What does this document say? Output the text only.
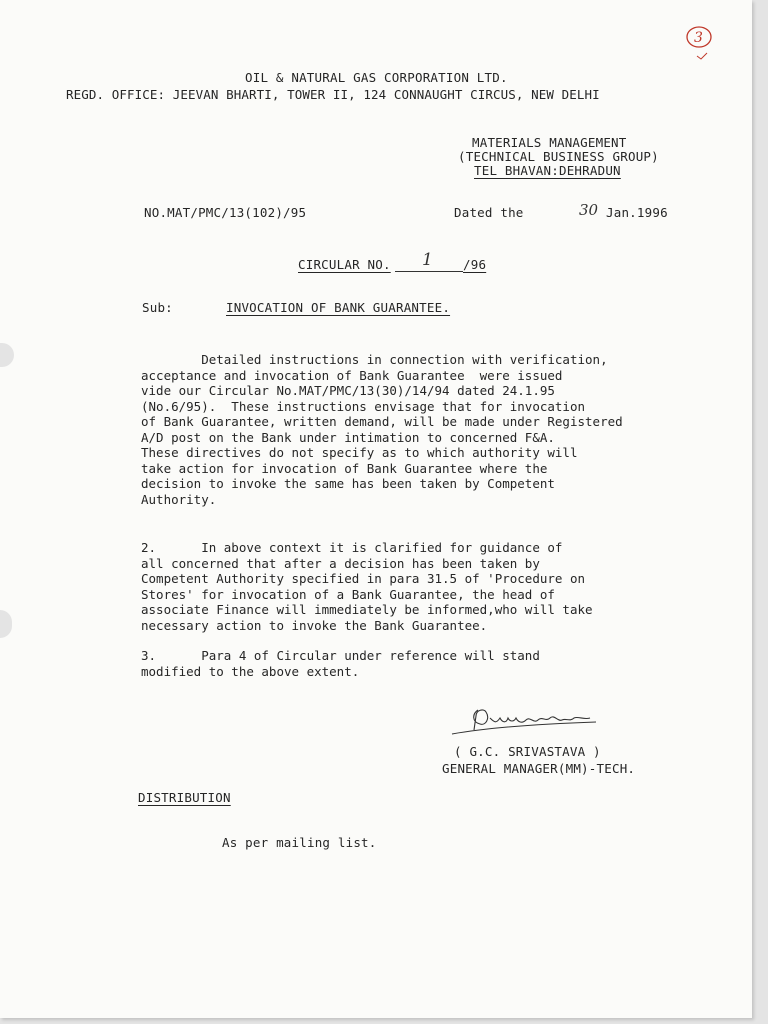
3
OIL & NATURAL GAS CORPORATION LTD.
REGD. OFFICE: JEEVAN BHARTI, TOWER II, 124 CONNAUGHT CIRCUS, NEW DELHI
MATERIALS MANAGEMENT
(TECHNICAL BUSINESS GROUP)
TEL BHAVAN:DEHRADUN
NO.MAT/PMC/13(102)/95	Dated the	30 Jan.1996
CIRCULAR NO. 1 /96
Sub:	INVOCATION OF BANK GUARANTEE.
Detailed instructions in connection with verification,
acceptance and invocation of Bank Guarantee  were issued
vide our Circular No.MAT/PMC/13(30)/14/94 dated 24.1.95
(No.6/95).  These instructions envisage that for invocation
of Bank Guarantee, written demand, will be made under Registered
A/D post on the Bank under intimation to concerned F&A.
These directives do not specify as to which authority will
take action for invocation of Bank Guarantee where the
decision to invoke the same has been taken by Competent
Authority.
2.      In above context it is clarified for guidance of
all concerned that after a decision has been taken by
Competent Authority specified in para 31.5 of 'Procedure on
Stores' for invocation of a Bank Guarantee, the head of
associate Finance will immediately be informed,who will take
necessary action to invoke the Bank Guarantee.
3.      Para 4 of Circular under reference will stand
modified to the above extent.
( G.C. SRIVASTAVA )
GENERAL MANAGER(MM)-TECH.
DISTRIBUTION
As per mailing list.
